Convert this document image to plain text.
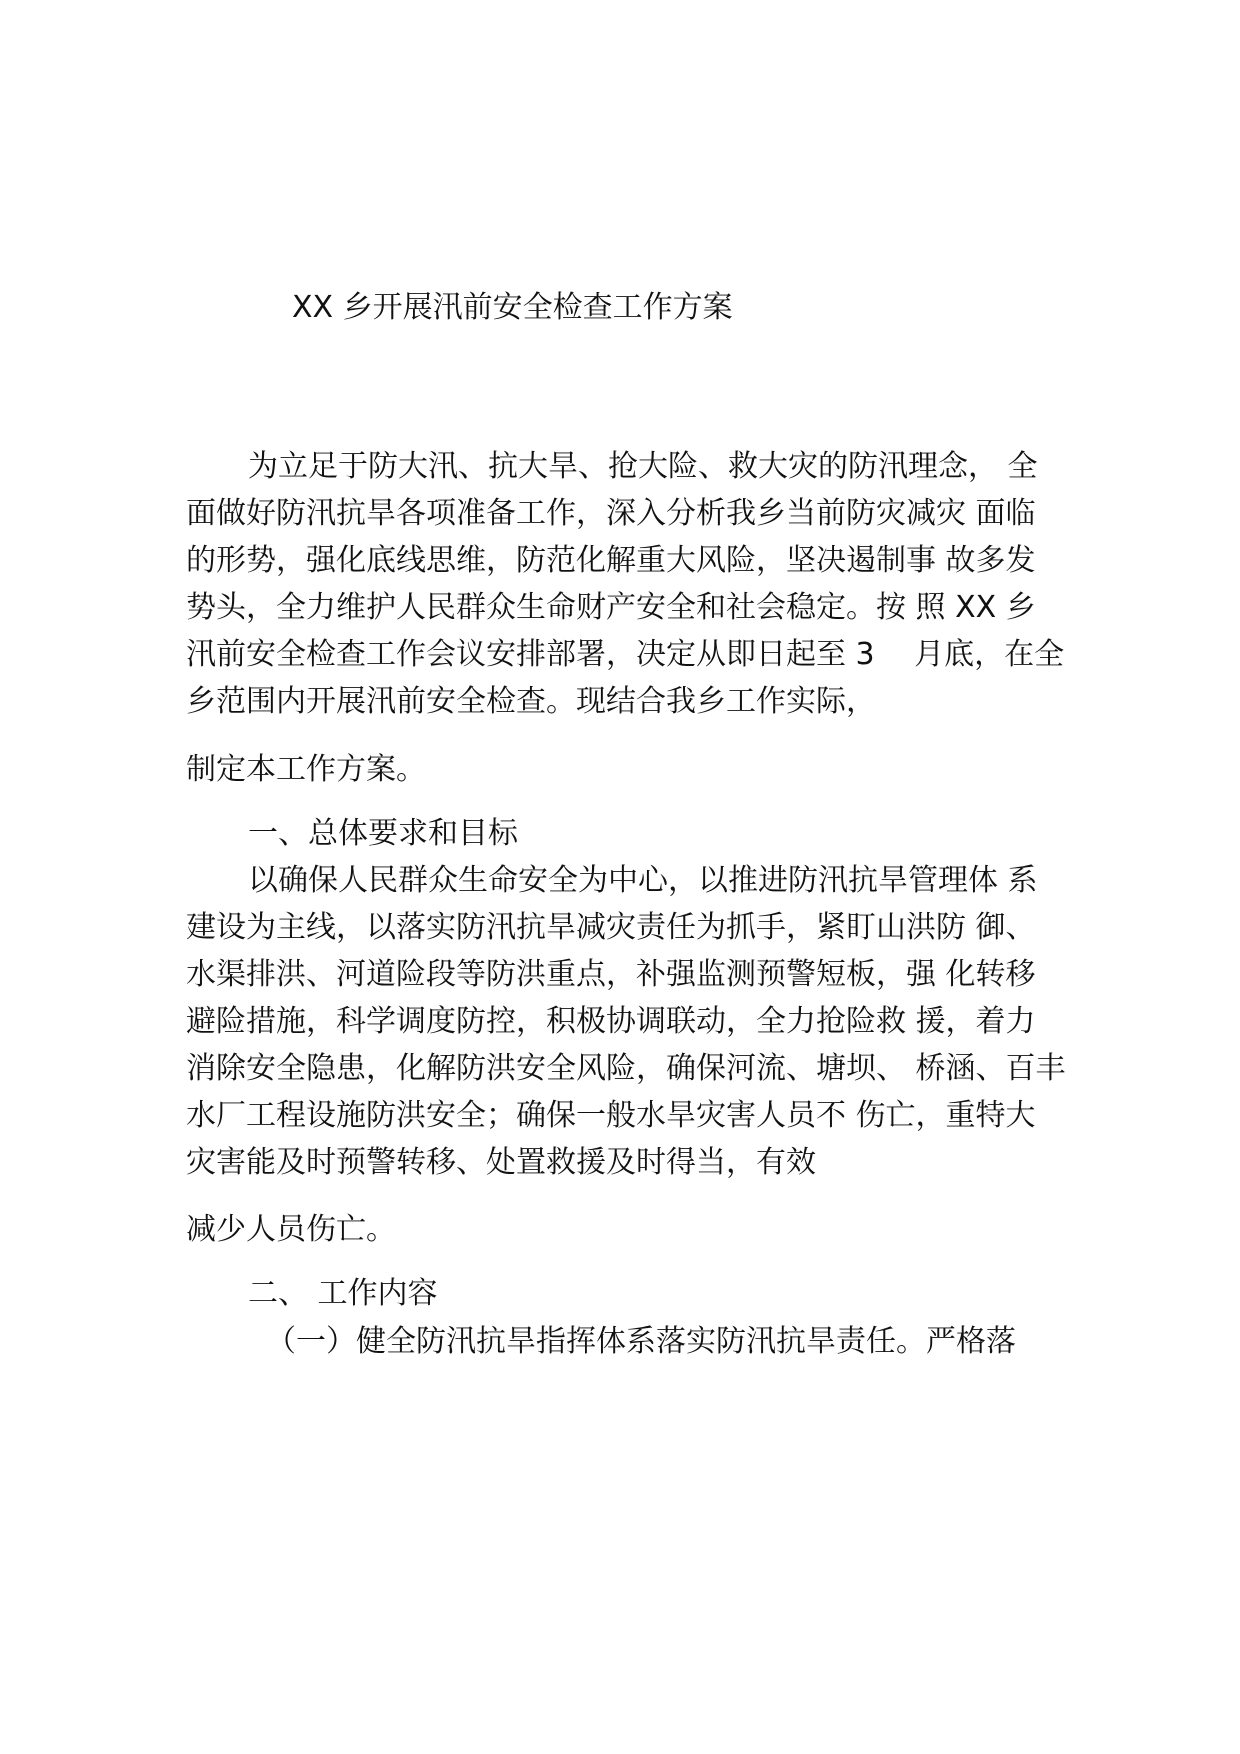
XX 乡开展汛前安全检查工作方案
为立足于防大汛、抗大旱、抢大险、救大灾的防汛理念， 全
面做好防汛抗旱各项准备工作，深入分析我乡当前防灾减灾 面临
的形势，强化底线思维，防范化解重大风险，坚决遏制事 故多发
势头，全力维护人民群众生命财产安全和社会稳定。按 照 XX 乡
汛前安全检查工作会议安排部署，决定从即日起至 3　 月底，在全
乡范围内开展汛前安全检查。现结合我乡工作实际，
制定本工作方案。
一、总体要求和目标
以确保人民群众生命安全为中心，以推进防汛抗旱管理体 系
建设为主线，以落实防汛抗旱减灾责任为抓手，紧盯山洪防 御、
水渠排洪、河道险段等防洪重点，补强监测预警短板，强 化转移
避险措施，科学调度防控，积极协调联动，全力抢险救 援，着力
消除安全隐患，化解防洪安全风险，确保河流、塘坝、 桥涵、百丰
水厂工程设施防洪安全；确保一般水旱灾害人员不 伤亡，重特大
灾害能及时预警转移、处置救援及时得当，有效
减少人员伤亡。
二、 工作内容
（一）健全防汛抗旱指挥体系落实防汛抗旱责任。严格落
